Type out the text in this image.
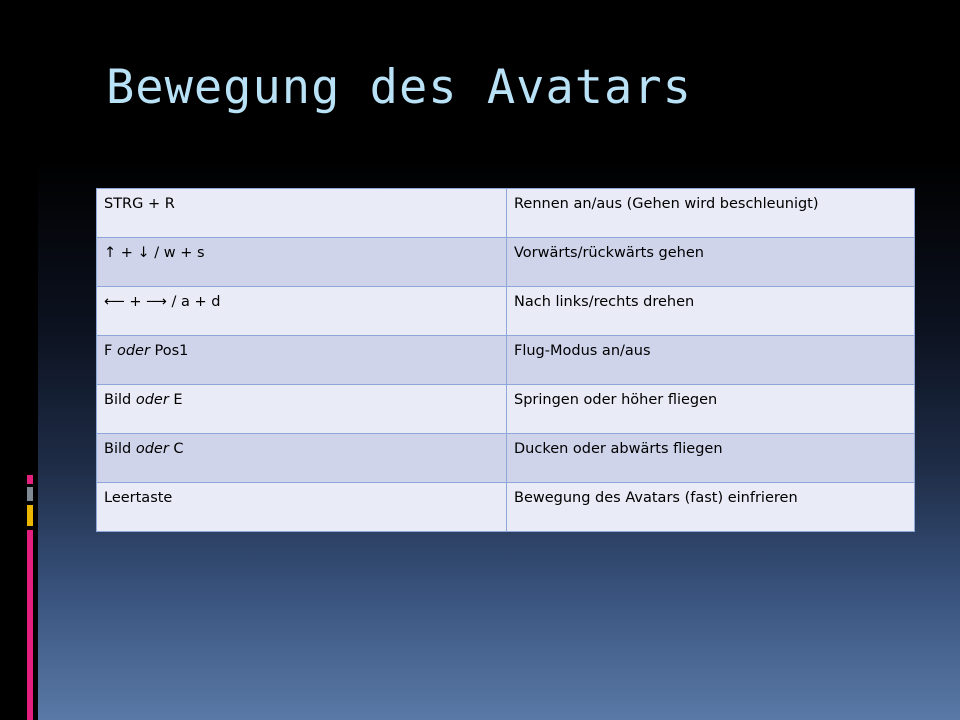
Bewegung des Avatars
STRG + R	Rennen an/aus (Gehen wird beschleunigt)
↑ + ↓ / w + s	Vorwärts/rückwärts gehen
⟵ + ⟶ / a + d	Nach links/rechts drehen
F oder Pos1	Flug-Modus an/aus
Bild oder E	Springen oder höher fliegen
Bild oder C	Ducken oder abwärts fliegen
Leertaste	Bewegung des Avatars (fast) einfrieren
